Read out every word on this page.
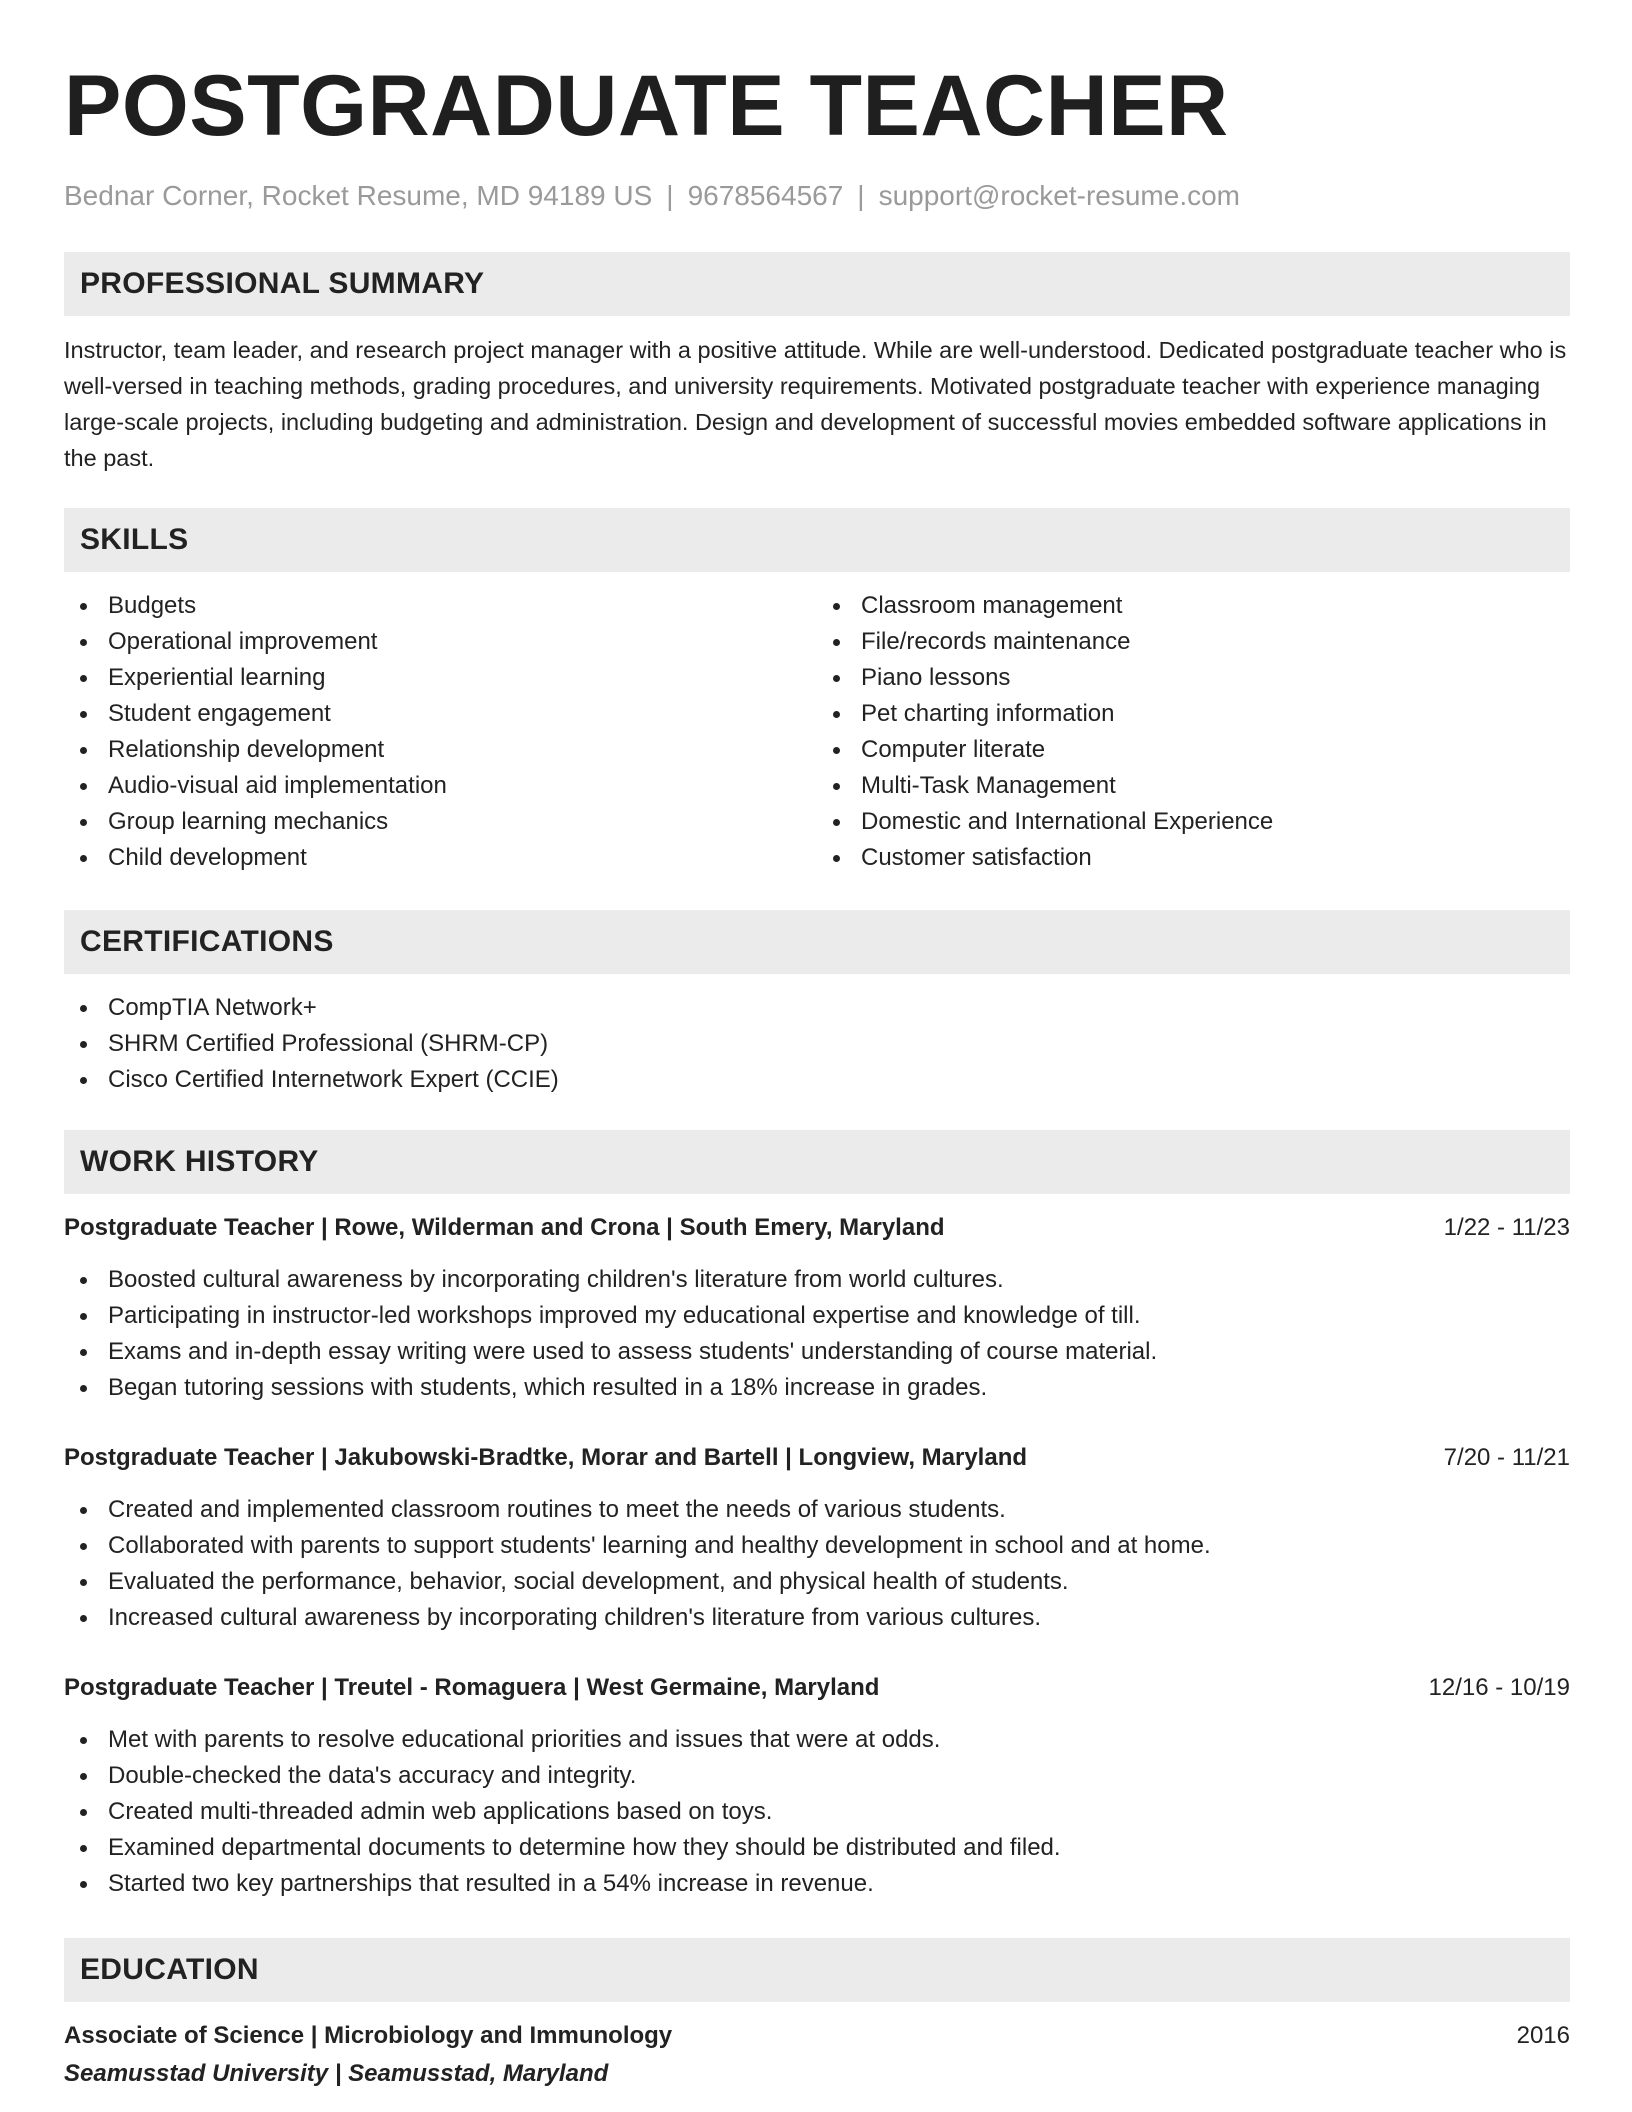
POSTGRADUATE TEACHER
Bednar Corner, Rocket Resume, MD 94189 US | 9678564567 | support@rocket-resume.com
PROFESSIONAL SUMMARY

Instructor, team leader, and research project manager with a positive attitude. While are well-understood. Dedicated postgraduate teacher who is well-versed in teaching methods, grading procedures, and university requirements. Motivated postgraduate teacher with experience managing large-scale projects, including budgeting and administration. Design and development of successful movies embedded software applications in the past.

SKILLS
Budgets
Operational improvement
Experiential learning
Student engagement
Relationship development
Audio-visual aid implementation
Group learning mechanics
Child development
Classroom management
File/records maintenance
Piano lessons
Pet charting information
Computer literate
Multi-Task Management
Domestic and International Experience
Customer satisfaction
CERTIFICATIONS
CompTIA Network+
SHRM Certified Professional (SHRM-CP)
Cisco Certified Internetwork Expert (CCIE)
WORK HISTORY
Postgraduate Teacher | Rowe, Wilderman and Crona | South Emery, Maryland	1/22 - 11/23
Boosted cultural awareness by incorporating children's literature from world cultures.
Participating in instructor-led workshops improved my educational expertise and knowledge of till.
Exams and in-depth essay writing were used to assess students' understanding of course material.
Began tutoring sessions with students, which resulted in a 18% increase in grades.
Postgraduate Teacher | Jakubowski-Bradtke, Morar and Bartell | Longview, Maryland	7/20 - 11/21
Created and implemented classroom routines to meet the needs of various students.
Collaborated with parents to support students' learning and healthy development in school and at home.
Evaluated the performance, behavior, social development, and physical health of students.
Increased cultural awareness by incorporating children's literature from various cultures.
Postgraduate Teacher | Treutel - Romaguera | West Germaine, Maryland	12/16 - 10/19
Met with parents to resolve educational priorities and issues that were at odds.
Double-checked the data's accuracy and integrity.
Created multi-threaded admin web applications based on toys.
Examined departmental documents to determine how they should be distributed and filed.
Started two key partnerships that resulted in a 54% increase in revenue.
EDUCATION
Associate of Science | Microbiology and Immunology	2016
Seamusstad University | Seamusstad, Maryland
